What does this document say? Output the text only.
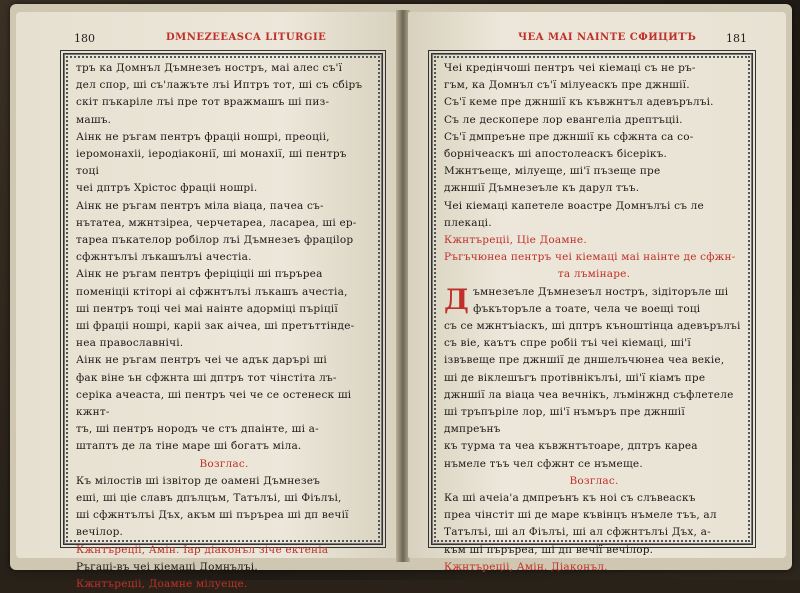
180	DMNEZEEASCA LITURGIE

тръ ка Домнъл Дъмнезеъ ностръ, маі алес съ'ї

дел спор, ші съ'лажъте лъі Иптръ тот, ші съ сбіръ

скіт пъкаріле лъі пре тот вражмашъ ші пиз-

машъ.

Аінк не ръгам пентръ фраціі ношрі, преоціі,

іеромонахіі, іеродіаконії, ші монахії, ші пентръ тоці

чеі дптръ Хрістос фраціі ношрі.

Аінк не ръгам пентръ міла віаца, пачеа съ-

нътатеа, мжнтзіреа, черчетареа, ласареа, ші ер-

тареа пъкателор робілор лъі Дъмнезеъ фраціlор

сфжнтълъі лъкашълъі ачестіа.

Аінк не ръгам пентръ феріціціі ші пъръреа

поменіціі ктіторі аі сфжнтълъі лъкашъ ачестіа,

ші пентръ тоці чеі маі наінте адорміці пъріції

ші фраціі ношрі, каріі зак аічеа, ші претъттіндe-

неа православнічі.

Аінк не ръгам пентръ чеі че адък дарърі ші

фак віне ън сфжнта ші дптръ тот чінстіта лъ-

серіка ачеаста, ші пентръ чеі че се остенеск ші кжнт-

тъ, ші пентръ нородъ че стъ дпаінте, ші а-

штаптъ де ла тіне маре ші богатъ міла.

Возглас.

Къ мілостів ші ізвітор де оамені Дъмнезеъ

еші, ші ціе славъ дпълцъм, Татълъі, ші Фіълъі,

ші сфжнтълъі Дъх, акъм ші пъръреа ші дп вечії

вечілор.

Кжнтъреціі, Амін. Іар діаконъл зіче ектеніа

Ръгаці-въ чеі кіемаці Домнълъі.

Кжнтъреціі, Доамне мілуеще.

ЧEA MAI NAINTE СФИЦИТЪ	181

Чеі кредінчоші пентръ чеі кіемаці съ не ръ-

гъм, ка Домнъл съ'ї мілуеаскъ пре джншії.

Съ'ї кеме пре джншії къ къвжнтъл адевърълъі.

Съ ле дескопере лор евангеліа дрептъціі.

Съ'ї дмпреъне пре джншії кь сфжнта са со-

борнічеаскъ ші апостолеаскъ бісерікъ.

Мжнтъеще, мілуеще, ші'ї пъзеще пре

джншії Дъмнезеъле къ дарул тъъ.

Чеі кіемаці капетеле воастре Домнълъі съ ле

плекаці.

Кжнтъреціі, Ціе Доамне.

Ръгъчюнеа пентръ чеі кіемаці маі наінте де сфжн-

та лъмінаре.

Дъмнезеъле Дъмнезеъл ностръ, зідіторъле ші

фъкъторъле а тоате, чела че воещі тоці

съ се мжнтъіаскъ, ші дптръ къноштінца адевърълъі

съ віе, каътъ спре робіі тъі чеі кіемаці, ші'ї

ізвъвеще пре джншії де дншелъчюнеа чеа векіе,

ші де віклешъгъ протівнікълъі, ші'ї кіамъ пре

джншії ла віаца чеа вечнікъ, лъмінжнд съфлетеле

ші тръпъріле лор, ші'ї нъмъръ пре джншії дмпреънъ

къ турма та чеа къвжнтътоаре, дптръ кареа

нъмеле тъъ чел сфжнт се нъмеще.

Возглас.

Ка ші ачеіа'а дмпреънъ къ ноі съ слъвеаскъ

преа чінстіт ші де маре къвінцъ нъмеле тъъ, ал

Татълъі, ші ал Фіълъі, ші ал сфжнтълъі Дъх, а-

към ші пъръреа, ші дп вечії вечілор.

Кжнтъреціі, Амін. Діаконъл.
